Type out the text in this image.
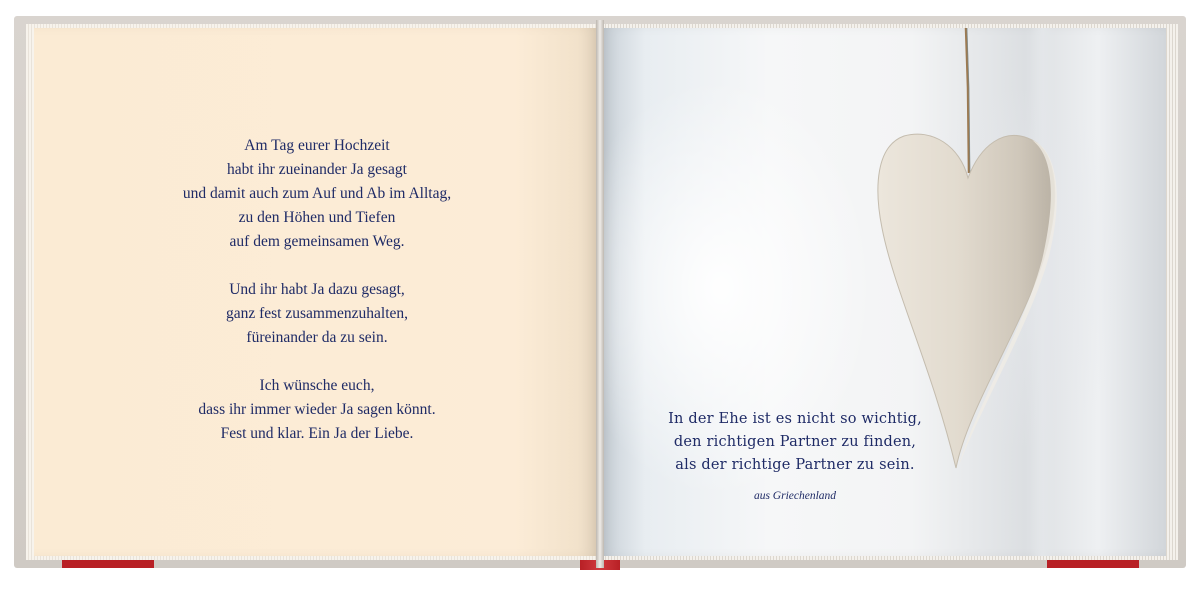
Am Tag eurer Hochzeit
habt ihr zueinander Ja gesagt
und damit auch zum Auf und Ab im Alltag,
zu den Höhen und Tiefen
auf dem gemeinsamen Weg.
Und ihr habt Ja dazu gesagt,
ganz fest zusammenzuhalten,
füreinander da zu sein.
Ich wünsche euch,
dass ihr immer wieder Ja sagen könnt.
Fest und klar. Ein Ja der Liebe.
In der Ehe ist es nicht so wichtig,
den richtigen Partner zu finden,
als der richtige Partner zu sein.
aus Griechenland
